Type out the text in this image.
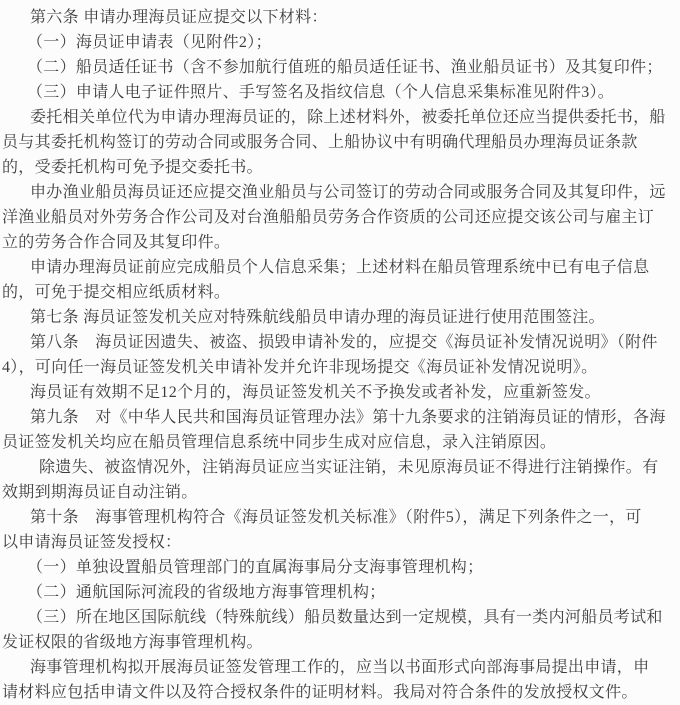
第六条 申请办理海员证应提交以下材料：
（一）海员证申请表（见附件2）；
（二）船员适任证书（含不参加航行值班的船员适任证书、渔业船员证书）及其复印件；
（三）申请人电子证件照片、手写签名及指纹信息（个人信息采集标准见附件3）。
委托相关单位代为申请办理海员证的，除上述材料外，被委托单位还应当提供委托书，船
员与其委托机构签订的劳动合同或服务合同、上船协议中有明确代理船员办理海员证条款
的，受委托机构可免予提交委托书。
申办渔业船员海员证还应提交渔业船员与公司签订的劳动合同或服务合同及其复印件，远
洋渔业船员对外劳务合作公司及对台渔船船员劳务合作资质的公司还应提交该公司与雇主订
立的劳务合作合同及其复印件。
申请办理海员证前应完成船员个人信息采集；上述材料在船员管理系统中已有电子信息
的，可免于提交相应纸质材料。
第七条 海员证签发机关应对特殊航线船员申请办理的海员证进行使用范围签注。
第八条　海员证因遗失、被盗、损毁申请补发的，应提交《海员证补发情况说明》（附件
4），可向任一海员证签发机关申请补发并允许非现场提交《海员证补发情况说明》。
海员证有效期不足12个月的，海员证签发机关不予换发或者补发，应重新签发。
第九条　对《中华人民共和国海员证管理办法》第十九条要求的注销海员证的情形，各海
员证签发机关均应在船员管理信息系统中同步生成对应信息，录入注销原因。
除遗失、被盗情况外，注销海员证应当实证注销，未见原海员证不得进行注销操作。有
效期到期海员证自动注销。
第十条　海事管理机构符合《海员证签发机关标准》（附件5），满足下列条件之一，可
以申请海员证签发授权：
（一）单独设置船员管理部门的直属海事局分支海事管理机构；
（二）通航国际河流段的省级地方海事管理机构；
（三）所在地区国际航线（特殊航线）船员数量达到一定规模，具有一类内河船员考试和
发证权限的省级地方海事管理机构。
海事管理机构拟开展海员证签发管理工作的，应当以书面形式向部海事局提出申请，申
请材料应包括申请文件以及符合授权条件的证明材料。我局对符合条件的发放授权文件。
